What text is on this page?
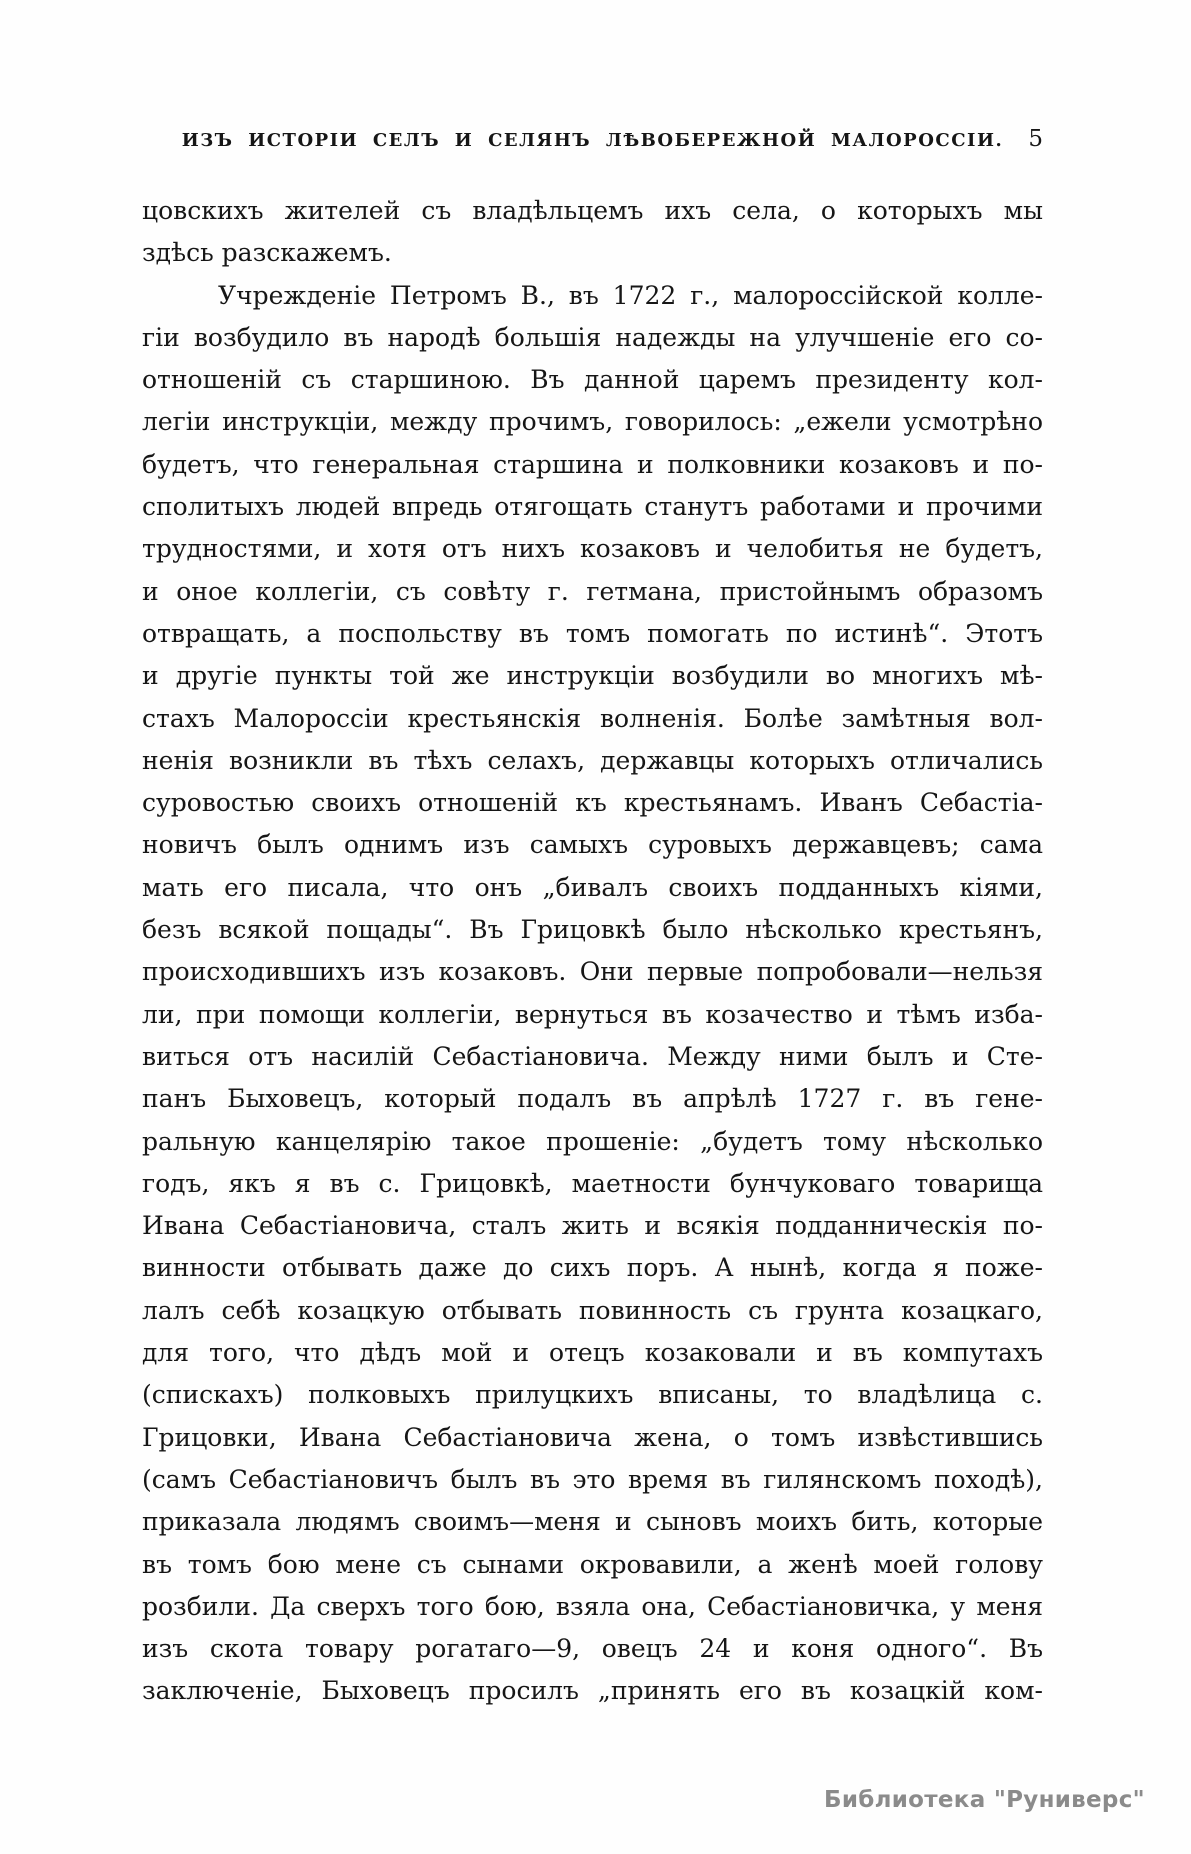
ИЗЪ ИСТОРІИ СЕЛЪ И СЕЛЯНЪ ЛѢВОБЕРЕЖНОЙ МАЛОРОССІИ. 5
цовскихъ жителей съ владѣльцемъ ихъ села, о которыхъ мы
здѣсь разскажемъ.
Учрежденіе Петромъ В., въ 1722 г., малороссійской колле-
гіи возбудило въ народѣ большія надежды на улучшеніе его со-
отношеній съ старшиною. Въ данной царемъ президенту кол-
легіи инструкціи, между прочимъ, говорилось: „ежели усмотрѣно
будетъ, что генеральная старшина и полковники козаковъ и по-
сполитыхъ людей впредь отягощать станутъ работами и прочими
трудностями, и хотя отъ нихъ козаковъ и челобитья не будетъ,
и оное коллегіи, съ совѣту г. гетмана, пристойнымъ образомъ
отвращать, а поспольству въ томъ помогать по истинѣ“. Этотъ
и другіе пункты той же инструкціи возбудили во многихъ мѣ-
стахъ Малороссіи крестьянскія волненія. Болѣе замѣтныя вол-
ненія возникли въ тѣхъ селахъ, державцы которыхъ отличались
суровостью своихъ отношеній къ крестьянамъ. Иванъ Себастіа-
новичъ былъ однимъ изъ самыхъ суровыхъ державцевъ; сама
мать его писала, что онъ „бивалъ своихъ подданныхъ кіями,
безъ всякой пощады“. Въ Грицовкѣ было нѣсколько крестьянъ,
происходившихъ изъ козаковъ. Они первые попробовали—нельзя
ли, при помощи коллегіи, вернуться въ козачество и тѣмъ изба-
виться отъ насилій Себастіановича. Между ними былъ и Сте-
панъ Быховецъ, который подалъ въ апрѣлѣ 1727 г. въ гене-
ральную канцелярію такое прошеніе: „будетъ тому нѣсколько
годъ, якъ я въ с. Грицовкѣ, маетности бунчуковаго товарища
Ивана Себастіановича, сталъ жить и всякія подданническія по-
винности отбывать даже до сихъ поръ. А нынѣ, когда я поже-
лалъ себѣ козацкую отбывать повинность съ грунта козацкаго,
для того, что дѣдъ мой и отецъ козаковали и въ компутахъ
(спискахъ) полковыхъ прилуцкихъ вписаны, то владѣлица с.
Грицовки, Ивана Себастіановича жена, о томъ извѣстившись
(самъ Себастіановичъ былъ въ это время въ гилянскомъ походѣ),
приказала людямъ своимъ—меня и сыновъ моихъ бить, которые
въ томъ бою мене съ сынами окровавили, а женѣ моей голову
розбили. Да сверхъ того бою, взяла она, Себастіановичка, у меня
изъ скота товару рогатаго—9, овецъ 24 и коня одного“. Въ
заключеніе, Быховецъ просилъ „принять его въ козацкій ком-
Библиотека "Руниверс"
